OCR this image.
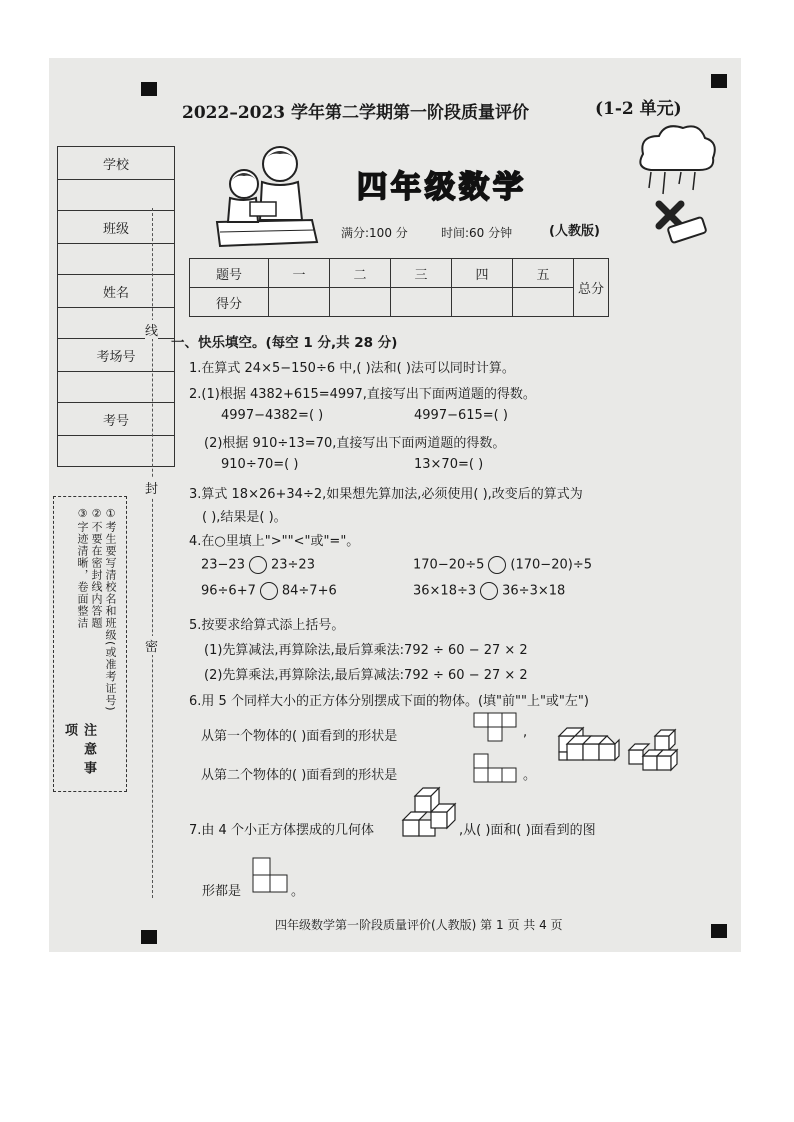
2022–2023 学年第二学期第一阶段质量评价	(1-2 单元)
四年级数学
满分:100 分	时间:60 分钟	(人教版)
学校

班级

姓名

考场号

考号

线
封
密
注意事项
①考生要写清校名和班级(或准考证号)
②不要在密封线内答题
③字迹清晰，卷面整洁
题号	一	二	三	四	五	总分
得分						
一、快乐填空。(每空 1 分,共 28 分)
1.在算式 24×5−150÷6 中,( )法和( )法可以同时计算。
2.(1)根据 4382+615=4997,直接写出下面两道题的得数。
4997−4382=( )	4997−615=( )
(2)根据 910÷13=70,直接写出下面两道题的得数。
910÷70=( )	13×70=( )
3.算式 18×26+34÷2,如果想先算加法,必须使用( ),改变后的算式为
( ),结果是( )。
4.在○里填上">""<"或"="。
23−23 23÷23	170−20÷5 (170−20)÷5
96÷6+7 84÷7+6	36×18÷3 36÷3×18
5.按要求给算式添上括号。
(1)先算减法,再算除法,最后算乘法:792 ÷ 60 − 27 × 2
(2)先算乘法,再算除法,最后算减法:792 ÷ 60 − 27 × 2
6.用 5 个同样大小的正方体分别摆成下面的物体。(填"前""上"或"左")
从第一个物体的( )面看到的形状是	,
从第二个物体的( )面看到的形状是	。
7.由 4 个小正方体摆成的几何体	,从( )面和( )面看到的图
形都是	。
四年级数学第一阶段质量评价(人教版) 第 1 页 共 4 页
